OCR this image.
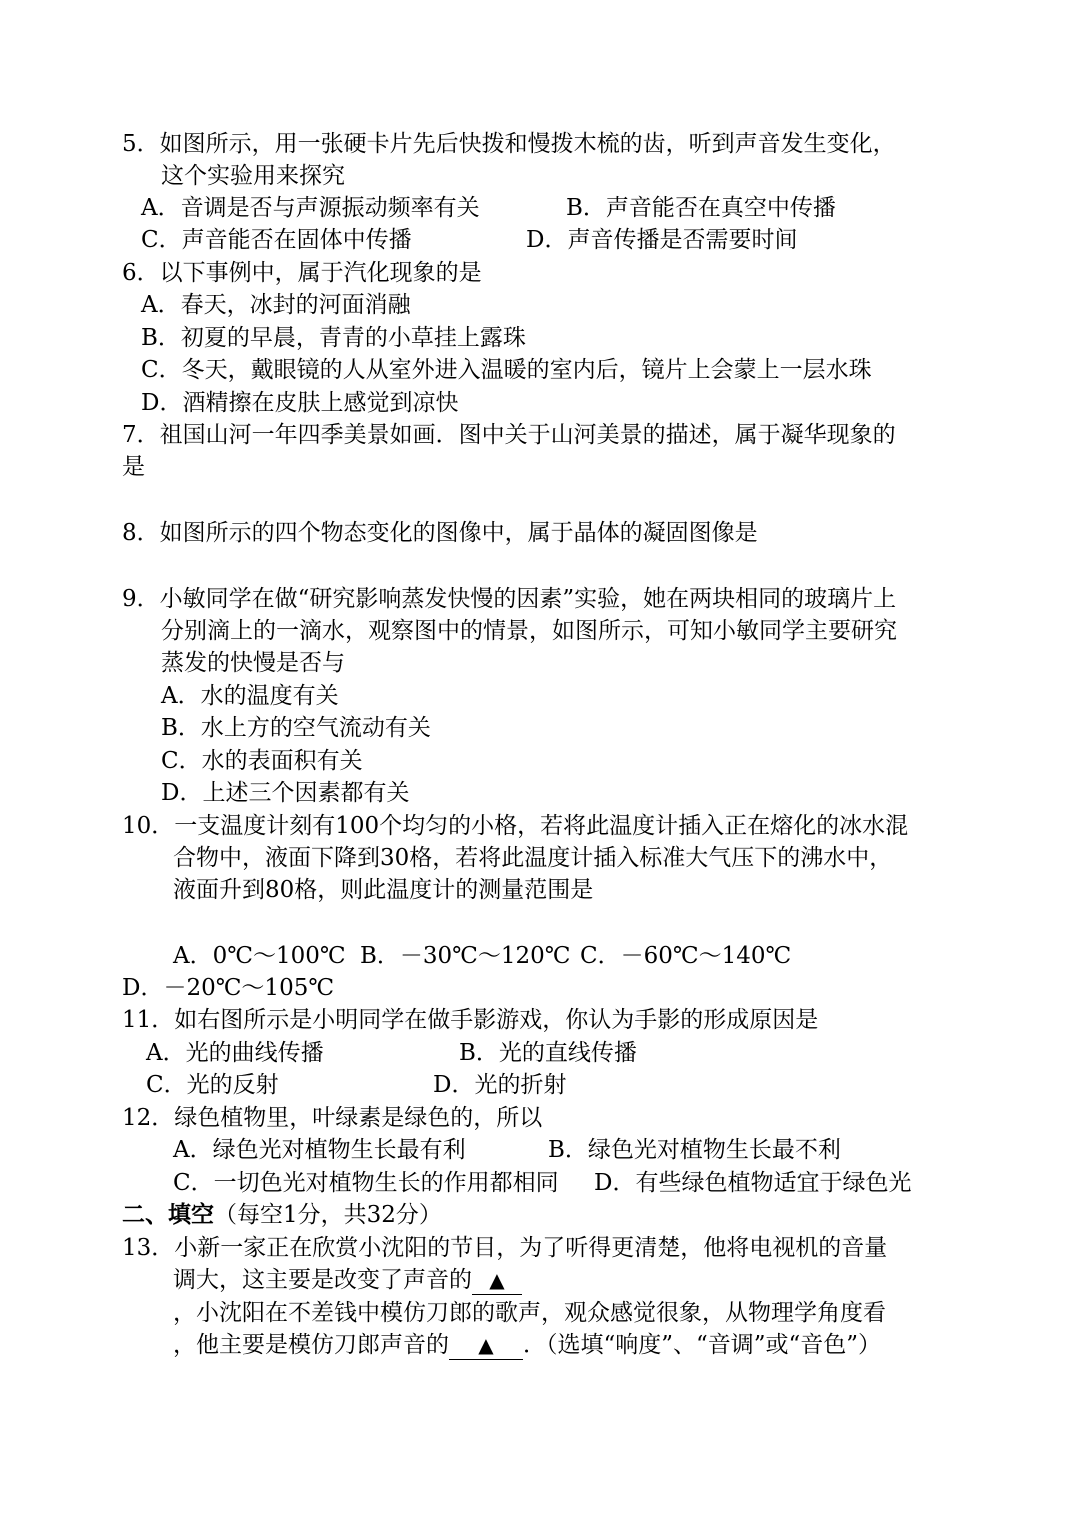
5．如图所示，用一张硬卡片先后快拨和慢拨木梳的齿，听到声音发生变化，
这个实验用来探究
A．音调是否与声源振动频率有关	B．声音能否在真空中传播
C．声音能否在固体中传播	D．声音传播是否需要时间
6．以下事例中，属于汽化现象的是
A．春天，冰封的河面消融
B．初夏的早晨，青青的小草挂上露珠
C．冬天，戴眼镜的人从室外进入温暖的室内后，镜片上会蒙上一层水珠
D．酒精擦在皮肤上感觉到凉快
7．祖国山河一年四季美景如画．图中关于山河美景的描述，属于凝华现象的
是
8．如图所示的四个物态变化的图像中，属于晶体的凝固图像是
9．小敏同学在做“研究影响蒸发快慢的因素”实验，她在两块相同的玻璃片上
分别滴上的一滴水，观察图中的情景，如图所示，可知小敏同学主要研究
蒸发的快慢是否与
A．水的温度有关
B．水上方的空气流动有关
C．水的表面积有关
D．上述三个因素都有关
10．一支温度计刻有100个均匀的小格，若将此温度计插入正在熔化的冰水混
合物中，液面下降到30格，若将此温度计插入标准大气压下的沸水中，
液面升到80格，则此温度计的测量范围是
A．0℃～100℃ B．－30℃～120℃ C．－60℃～140℃
D．－20℃～105℃
11．如右图所示是小明同学在做手影游戏，你认为手影的形成原因是
A．光的曲线传播	B．光的直线传播
C．光的反射	D．光的折射
12．绿色植物里，叶绿素是绿色的，所以
A．绿色光对植物生长最有利	B．绿色光对植物生长最不利
C．一切色光对植物生长的作用都相同 D．有些绿色植物适宜于绿色光
二、填空（每空1分，共32分）
13．小新一家正在欣赏小沈阳的节目，为了听得更清楚，他将电视机的音量
调大，这主要是改变了声音的 ▲
，小沈阳在不差钱中模仿刀郎的歌声，观众感觉很象，从物理学角度看
，他主要是模仿刀郎声音的 ▲ ．（选填“响度”、“音调”或“音色”）
